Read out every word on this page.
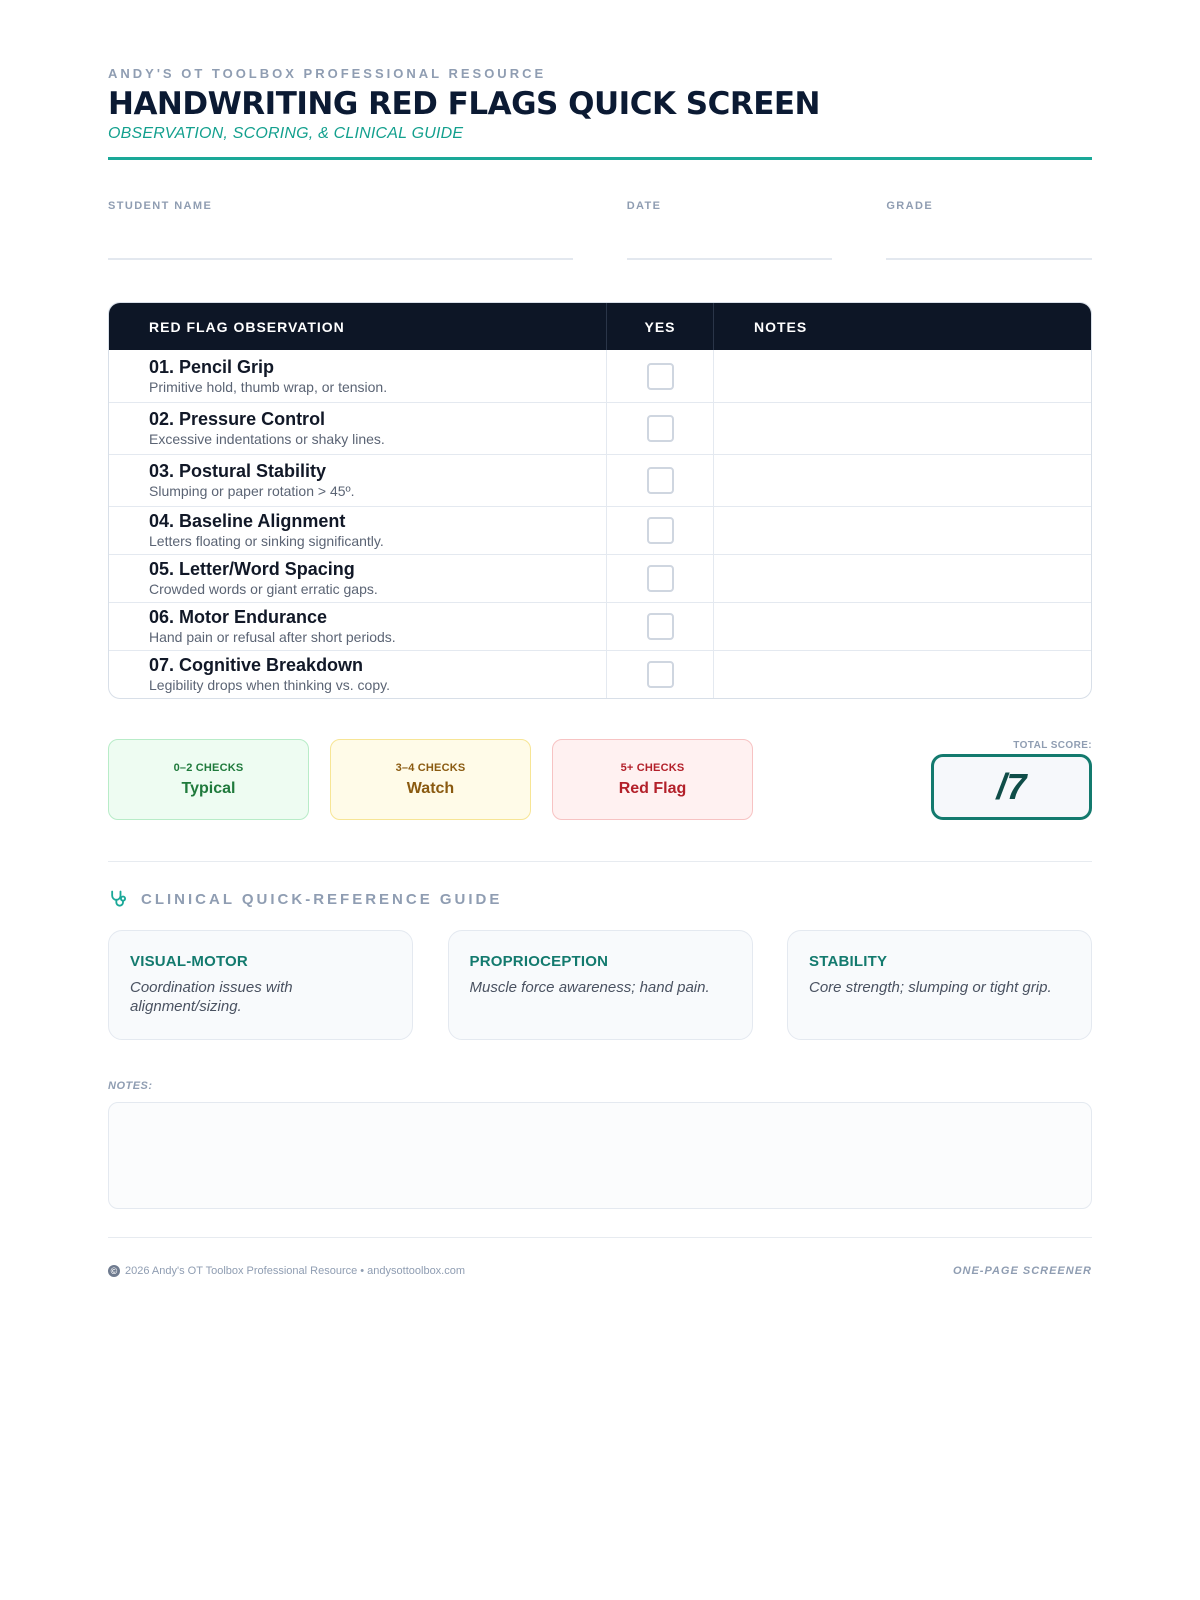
ANDY'S OT TOOLBOX PROFESSIONAL RESOURCE
HANDWRITING RED FLAGS QUICK SCREEN
OBSERVATION, SCORING, & CLINICAL GUIDE
STUDENT NAME	DATE	GRADE
RED FLAG OBSERVATION	YES	NOTES
01. Pencil Grip
Primitive hold, thumb wrap, or tension.
02. Pressure Control
Excessive indentations or shaky lines.
03. Postural Stability
Slumping or paper rotation > 45º.
04. Baseline Alignment
Letters floating or sinking significantly.
05. Letter/Word Spacing
Crowded words or giant erratic gaps.
06. Motor Endurance
Hand pain or refusal after short periods.
07. Cognitive Breakdown
Legibility drops when thinking vs. copy.
0–2 CHECKS
Typical
3–4 CHECKS
Watch
5+ CHECKS
Red Flag
TOTAL SCORE:
/7
CLINICAL QUICK-REFERENCE GUIDE
VISUAL-MOTOR
Coordination issues with alignment/sizing.
PROPRIOCEPTION
Muscle force awareness; hand pain.
STABILITY
Core strength; slumping or tight grip.
NOTES:
© 2026 Andy's OT Toolbox Professional Resource • andysottoolbox.com	ONE-PAGE SCREENER
